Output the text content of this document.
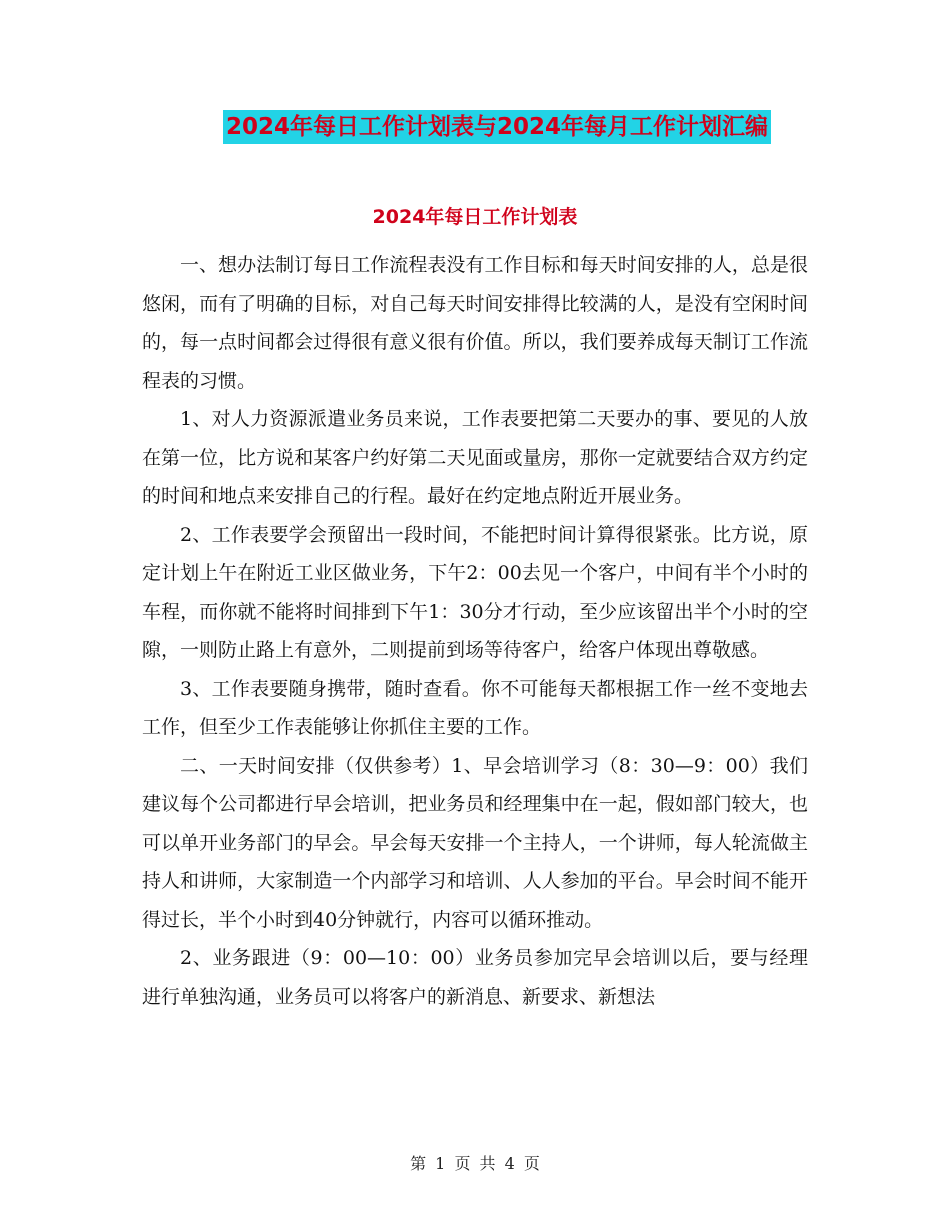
2024年每日工作计划表与2024年每月工作计划汇编
2024年每日工作计划表

一、想办法制订每日工作流程表没有工作目标和每天时间安排的人，总是很悠闲，而有了明确的目标，对自己每天时间安排得比较满的人，是没有空闲时间的，每一点时间都会过得很有意义很有价值。所以，我们要养成每天制订工作流程表的习惯。

1、对人力资源派遣业务员来说，工作表要把第二天要办的事、要见的人放在第一位，比方说和某客户约好第二天见面或量房，那你一定就要结合双方约定的时间和地点来安排自己的行程。最好在约定地点附近开展业务。

2、工作表要学会预留出一段时间，不能把时间计算得很紧张。比方说，原定计划上午在附近工业区做业务，下午2：00去见一个客户，中间有半个小时的车程，而你就不能将时间排到下午1：30分才行动，至少应该留出半个小时的空隙，一则防止路上有意外，二则提前到场等待客户，给客户体现出尊敬感。

3、工作表要随身携带，随时查看。你不可能每天都根据工作一丝不变地去工作，但至少工作表能够让你抓住主要的工作。

二、一天时间安排（仅供参考）1、早会培训学习（8：30—9：00）我们建议每个公司都进行早会培训，把业务员和经理集中在一起，假如部门较大，也可以单开业务部门的早会。早会每天安排一个主持人，一个讲师，每人轮流做主持人和讲师，大家制造一个内部学习和培训、人人参加的平台。早会时间不能开得过长，半个小时到40分钟就行，内容可以循环推动。

2、业务跟进（9：00—10：00）业务员参加完早会培训以后，要与经理进行单独沟通，业务员可以将客户的新消息、新要求、新想法

第 1 页 共 4 页
